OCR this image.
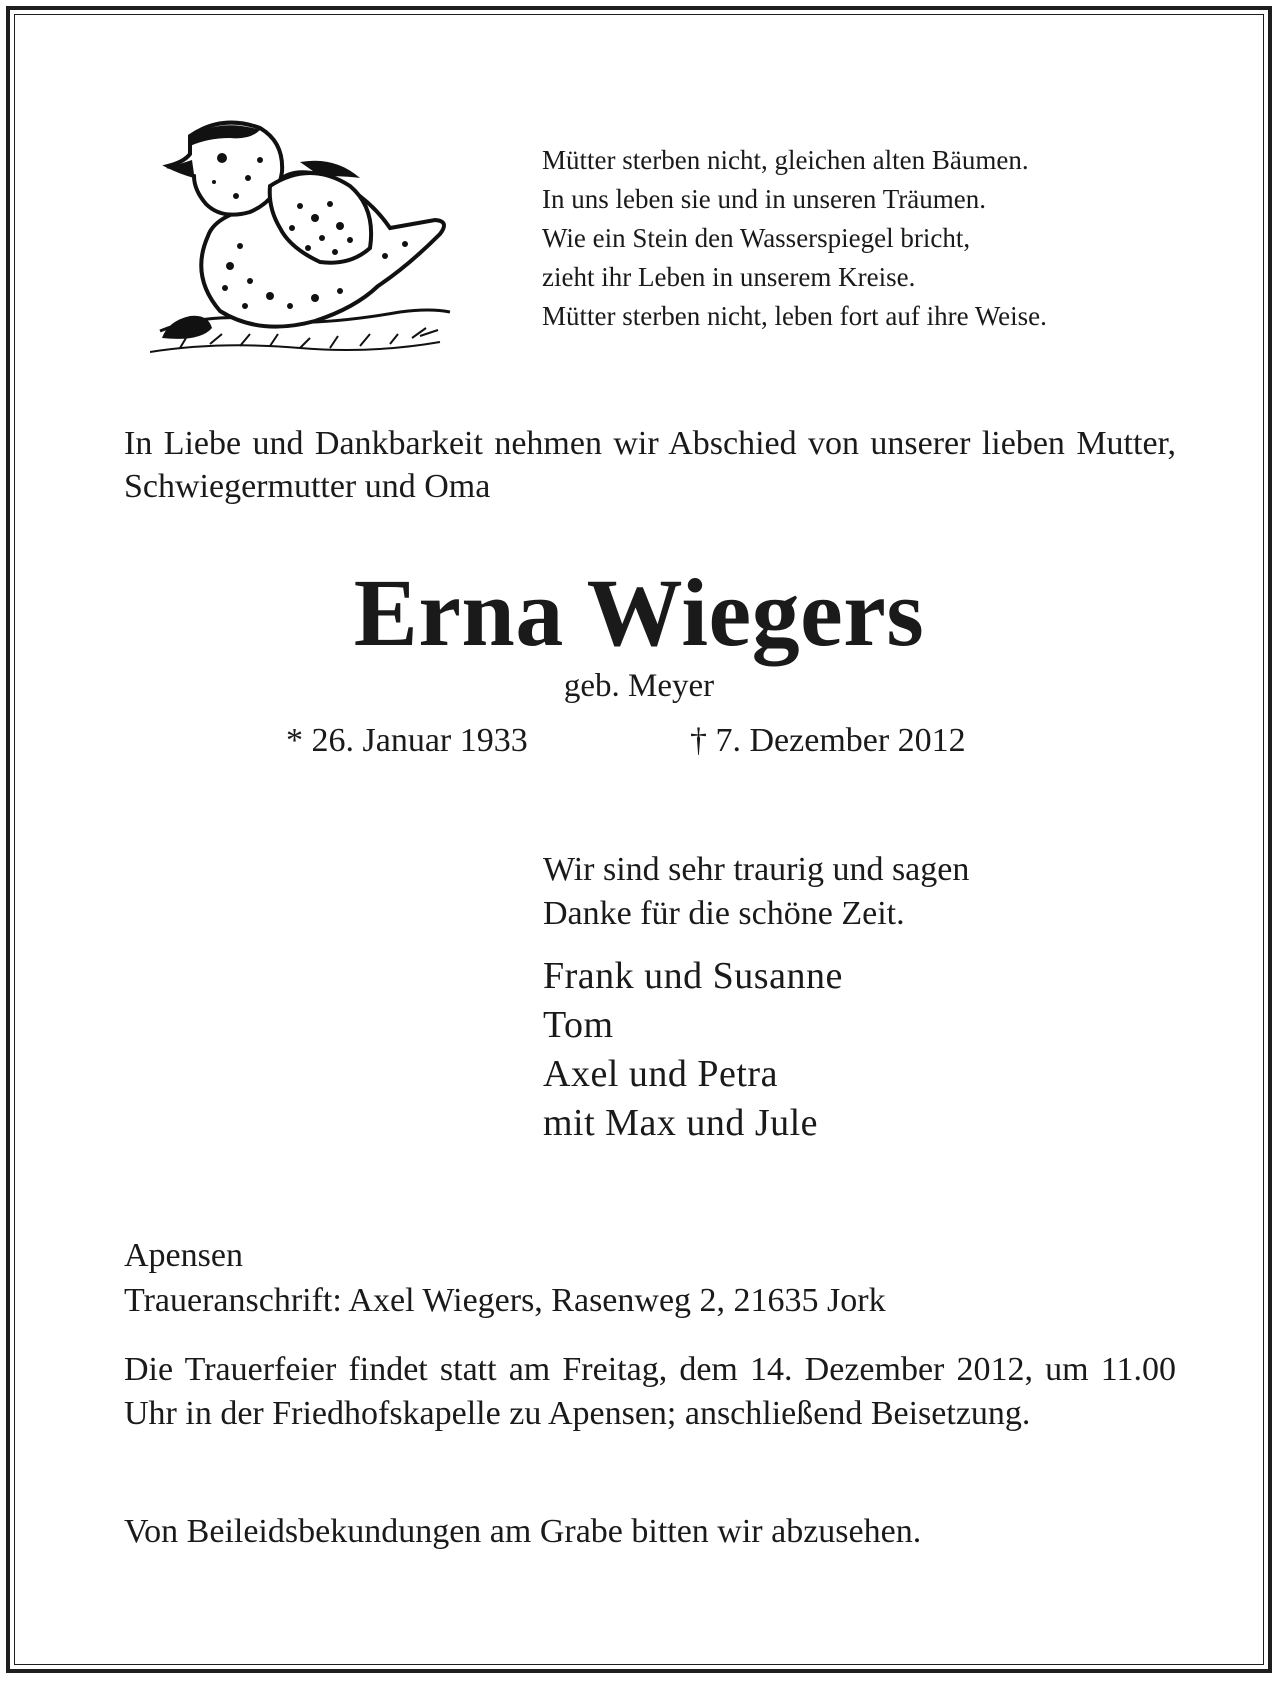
Mütter sterben nicht, gleichen alten Bäumen.
In uns leben sie und in unseren Träumen.
Wie ein Stein den Wasserspiegel bricht,
zieht ihr Leben in unserem Kreise.
Mütter sterben nicht, leben fort auf ihre Weise.
In Liebe und Dankbarkeit nehmen wir Abschied von unserer lieben Mutter, Schwiegermutter und Oma
Erna Wiegers
geb. Meyer
* 26. Januar 1933	† 7. Dezember 2012
Wir sind sehr traurig und sagen
Danke für die schöne Zeit.
Frank und Susanne
Tom
Axel und Petra
mit Max und Jule
Apensen
Traueranschrift: Axel Wiegers, Rasenweg 2, 21635 Jork
Die Trauerfeier findet statt am Freitag, dem 14. Dezember 2012, um 11.00 Uhr in der Friedhofskapelle zu Apensen; anschließend Beisetzung.
Von Beileidsbekundungen am Grabe bitten wir abzusehen.
